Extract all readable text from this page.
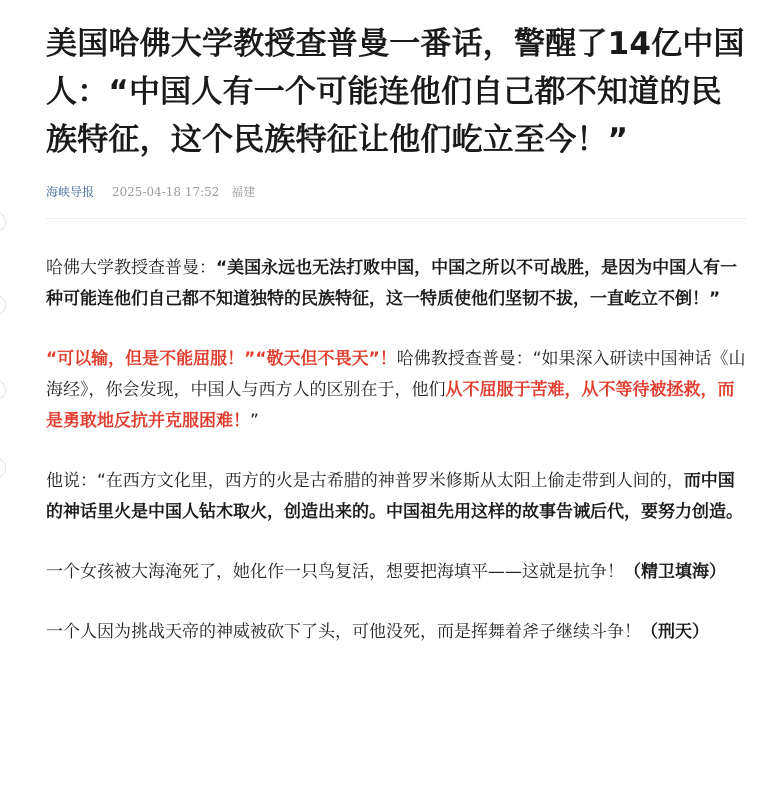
美国哈佛大学教授查普曼一番话，警醒了14亿中国人：“中国人有一个可能连他们自己都不知道的民族特征，这个民族特征让他们屹立至今！”
海峡导报 2025-04-18 17:52 福建

哈佛大学教授查普曼：“美国永远也无法打败中国，中国之所以不可战胜，是因为中国人有一种可能连他们自己都不知道独特的民族特征，这一特质使他们坚韧不拔，一直屹立不倒！”

“可以输，但是不能屈服！”“敬天但不畏天”！哈佛教授查普曼：“如果深入研读中国神话《山海经》，你会发现，中国人与西方人的区别在于，他们从不屈服于苦难，从不等待被拯救，而是勇敢地反抗并克服困难！”

他说：“在西方文化里，西方的火是古希腊的神普罗米修斯从太阳上偷走带到人间的，而中国的神话里火是中国人钻木取火，创造出来的。中国祖先用这样的故事告诫后代，要努力创造。

一个女孩被大海淹死了，她化作一只鸟复活，想要把海填平——这就是抗争！（精卫填海）

一个人因为挑战天帝的神威被砍下了头，可他没死，而是挥舞着斧子继续斗争！（刑天）
